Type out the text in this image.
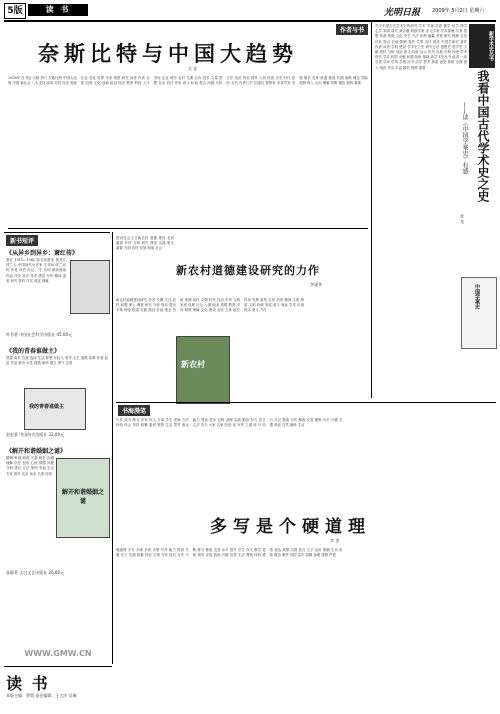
5版	读 书	光明日报 2009年 5月2日 星期六
作者与书
奈斯比特与中国大趋势
吴 佳
2008年 在书店 出版 热门 奈斯比特 中国大趋势 中国 新社会 八大支柱 改革 开放 经济 发展 社会 变化 世界 未来 观察 研究 读者 作者 全球 趋势 文化 创新 政治 经济 教育 科技 人才 市场 企业 城市 农村 交流 合作 进步 力量 思想 自由 信任 作用 意义 价值 观点 问题 分析 方法 结论 内容 国家 人民 民族 历史 时代 世纪 全书 作者与书 出版社 观察家 未来学家 发展 增长 变革 机遇 挑战 长期 战略 理念 国际 视野 深入 认识 理解 判断 精彩 独特 重要
关于中国古代学术史的研究 学术 学案 学派 儒学 经学 理学 心学 宋明 清代 黄宗羲 明儒学案 宋元学案 学术源流 学者 思想 传承 传统 文化 史学 方法 体例 编纂 考察 研究 梳理 总结 评价 特点 价值 影响 著作 学界 近代 现代 中国学案史 著作 作者 读者 学科 建设 学术史之史 研究方法 思想史 哲学史 文献 资料 分析 结论 意义 价值 启示 作用 发展 历程 传统 学术 现代 学术 转型 贡献 问题 视角 领域 新学术史丛书 值得 一读 学者 学问 学风 学统 读书 治学 思考 探索 创见 系统 全面 深入 细致 详实 丰富 精彩 独特 重要
新学术史丛书
我看中国古代学术史之史
——读《中国学案史》有感
张 龙
中国学案史
新书短评
《从异乡到异乡：萧红传》
萧红 1911—1942 原名张迺莹 黑龙江呼兰人 中国现代女作家 生死场 呼兰河传 作者 叶君 传记 一生 坎坷 颠沛流离 作品 评价 故乡 异乡 漂泊 写作 精神 追求 研究 资料 详实 叙述 细腻
叶君著 中国社会科学出版社 45.00元
《我的青春谁做主》
青春 成长 自我 选择 生活 梦想 年轻人 思考 人生 道路 故事 作者 赵赵 作品 都市 女性 情感 职场 独立 勇气 态度
我的青春谁做主
赵赵著 中国海关出版社 32.00元
《解开和谐婚姻之谜》
婚姻 家庭 和谐 夫妻 相处 沟通 理解 信任 包容 心理 情感 问题 分析 建议 方法 案例 幸福 生活 专家 指导 实用 读本 关系 经营
解开和谐婚姻之谜
张静著 太白文艺出版社 26.00元
建设社会主义新农村 道德 建设 农民 素质 乡村 文明 研究 理论 实践 意义 重要 方面 农村 发展 和谐 社会
新农村道德建设研究的力作
李建华
新农村道德建设研究 作者 长期 关注 农村 问题 深入 调查 研究 分析 现状 提出 对策 理论 框架 实践 路径 价值 观念 传统 美德 现代 文明 村民 自治 乡风 文明 家庭 伦理 社会 公德 职业 道德 教育 引导 制度 保障 文化 建设 农民 主体 地位 作用 发挥 新型 农民 培育 精神 文明 物质 文明 协调 发展 意义 深远 学术 价值 现实 意义 力作
新农村
书海漫笔
写作 读书 练习 多写 作文 文章 学生 老师 方法 经验 体会 坚持 积累 素材 观察 生活 思考 表达 能力 提高 进步 过程 道理 实践 勤奋 努力 语言 文字 功夫 大家 名家 经验 谈 写作 之道 读 写 结合 日记 随笔 习作 修改 反复 锤炼 水平 兴趣 习惯 养成 自然 流畅 生动
多写是个硬道理
李 雯
硬道理 多写 多练 多读 多想 写作 能力 提高 关键 在于 实践 积累 经验 文章 写作 技巧 方法 不断 练习 修改 完善 水平 提升 学生 作文 教学 老师 指导 评改 鼓励 兴趣 培养 生活 观察 体验 感悟 表达 真情 实感 语言 文字 运用 准确 生动 形象 简洁 明快 结构 层次 清晰 条理 逻辑 严密
WWW.GMW.CN
读 书
本版主编：罗霞 责任编辑：王大庆 吴楠
